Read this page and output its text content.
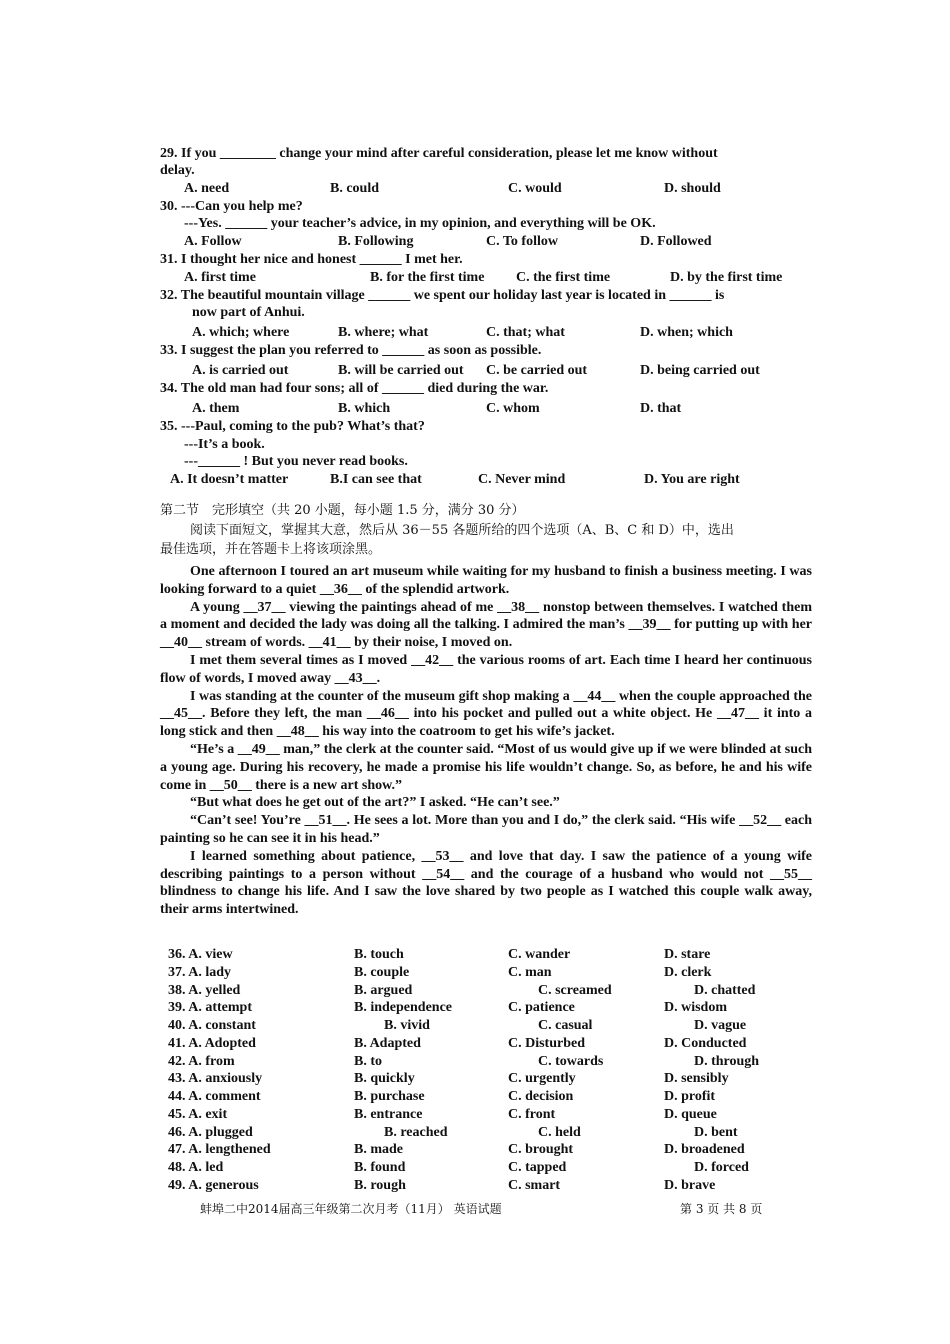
29. If you ________ change your mind after careful consideration, please let me know without
delay.
A. need	B. could	C. would	D. should
30. ---Can you help me?
---Yes. ______ your teacher’s advice, in my opinion, and everything will be OK.
A. Follow	B. Following	C. To follow	D. Followed
31. I thought her nice and honest ______ I met her.
A. first time	B. for the first time C. the first time	D. by the first time
32. The beautiful mountain village ______ we spent our holiday last year is located in ______ is
now part of Anhui.
A. which; where	B. where; what	C. that; what	D. when; which
33. I suggest the plan you referred to ______ as soon as possible.
A. is carried out	B. will be carried out C. be carried out	D. being carried out
34. The old man had four sons; all of ______ died during the war.
A. them	B. which	C. whom	D. that
35. ---Paul, coming to the pub? What’s that?
---It’s a book.
---______ ! But you never read books.
A. It doesn’t matter	B.I can see that	C. Never mind	D. You are right
第二节　完形填空（共 20 小题，每小题 1.5 分，满分 30 分）
阅读下面短文，掌握其大意，然后从 36－55 各题所给的四个选项（A、B、C 和 D）中，选出
最佳选项，并在答题卡上将该项涂黑。

One afternoon I toured an art museum while waiting for my husband to finish a business meeting. I was looking forward to a quiet __36__ of the splendid artwork.

A young __37__ viewing the paintings ahead of me __38__ nonstop between themselves. I watched them a moment and decided the lady was doing all the talking. I admired the man’s __39__ for putting up with her __40__ stream of words. __41__ by their noise, I moved on.

I met them several times as I moved __42__ the various rooms of art. Each time I heard her continuous flow of words, I moved away __43__.

I was standing at the counter of the museum gift shop making a __44__ when the couple approached the __45__. Before they left, the man __46__ into his pocket and pulled out a white object. He __47__ it into a long stick and then __48__ his way into the coatroom to get his wife’s jacket.

“He’s a __49__ man,” the clerk at the counter said. “Most of us would give up if we were blinded at such a young age. During his recovery, he made a promise his life wouldn’t change. So, as before, he and his wife come in __50__ there is a new art show.”

“But what does he get out of the art?” I asked. “He can’t see.”

“Can’t see! You’re __51__. He sees a lot. More than you and I do,” the clerk said. “His wife __52__ each painting so he can see it in his head.”

I learned something about patience, __53__ and love that day. I saw the patience of a young wife describing paintings to a person without __54__ and the courage of a husband who would not __55__ blindness to change his life. And I saw the love shared by two people as I watched this couple walk away, their arms intertwined.

36. A. view	B. touch	C. wander	D. stare
37. A. lady	B. couple	C. man	D. clerk
38. A. yelled	B. argued	C. screamed	D. chatted
39. A. attempt	B. independence	C. patience	D. wisdom
40. A. constant	B. vivid	C. casual	D. vague
41. A. Adopted	B. Adapted	C. Disturbed	D. Conducted
42. A. from	B. to	C. towards	D. through
43. A. anxiously	B. quickly	C. urgently	D. sensibly
44. A. comment	B. purchase	C. decision	D. profit
45. A. exit	B. entrance	C. front	D. queue
46. A. plugged	B. reached	C. held	D. bent
47. A. lengthened	B. made	C. brought	D. broadened
48. A. led	B. found	C. tapped	D. forced
49. A. generous	B. rough	C. smart	D. brave
蚌埠二中2014届高三年级第二次月考（11月） 英语试题	第 3 页 共 8 页
